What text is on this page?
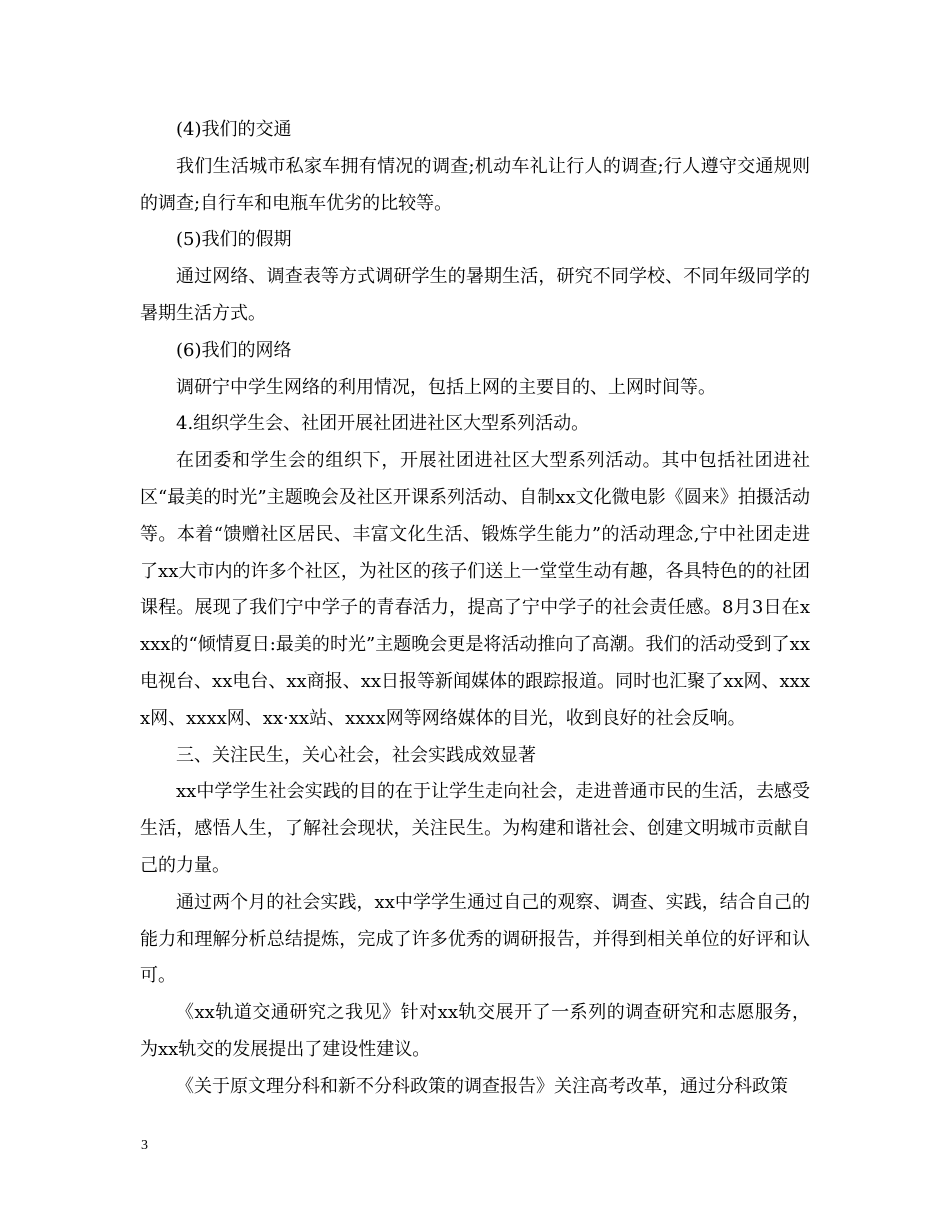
(4)我们的交通

我们生活城市私家车拥有情况的调查;机动车礼让行人的调查;行人遵守交通规则的调查;自行车和电瓶车优劣的比较等。

(5)我们的假期

通过网络、调查表等方式调研学生的暑期生活，研究不同学校、不同年级同学的暑期生活方式。

(6)我们的网络

调研宁中学生网络的利用情况，包括上网的主要目的、上网时间等。

4.组织学生会、社团开展社团进社区大型系列活动。

在团委和学生会的组织下，开展社团进社区大型系列活动。其中包括社团进社区“最美的时光”主题晚会及社区开课系列活动、自制xx文化微电影《圆来》拍摄活动等。本着“馈赠社区居民、丰富文化生活、锻炼学生能力”的活动理念,宁中社团走进了xx大市内的许多个社区，为社区的孩子们送上一堂堂生动有趣，各具特色的的社团课程。展现了我们宁中学子的青春活力，提高了宁中学子的社会责任感。8月3日在xxxx的“倾情夏日:最美的时光”主题晚会更是将活动推向了高潮。我们的活动受到了xx电视台、xx电台、xx商报、xx日报等新闻媒体的跟踪报道。同时也汇聚了xx网、xxxx网、xxxx网、xx·xx站、xxxx网等网络媒体的目光，收到良好的社会反响。

三、关注民生，关心社会，社会实践成效显著

xx中学学生社会实践的目的在于让学生走向社会，走进普通市民的生活，去感受生活，感悟人生，了解社会现状，关注民生。为构建和谐社会、创建文明城市贡献自己的力量。

通过两个月的社会实践，xx中学学生通过自己的观察、调查、实践，结合自己的能力和理解分析总结提炼，完成了许多优秀的调研报告，并得到相关单位的好评和认可。

《xx轨道交通研究之我见》针对xx轨交展开了一系列的调查研究和志愿服务，为xx轨交的发展提出了建设性建议。

《关于原文理分科和新不分科政策的调查报告》关注高考改革，通过分科政策

3
